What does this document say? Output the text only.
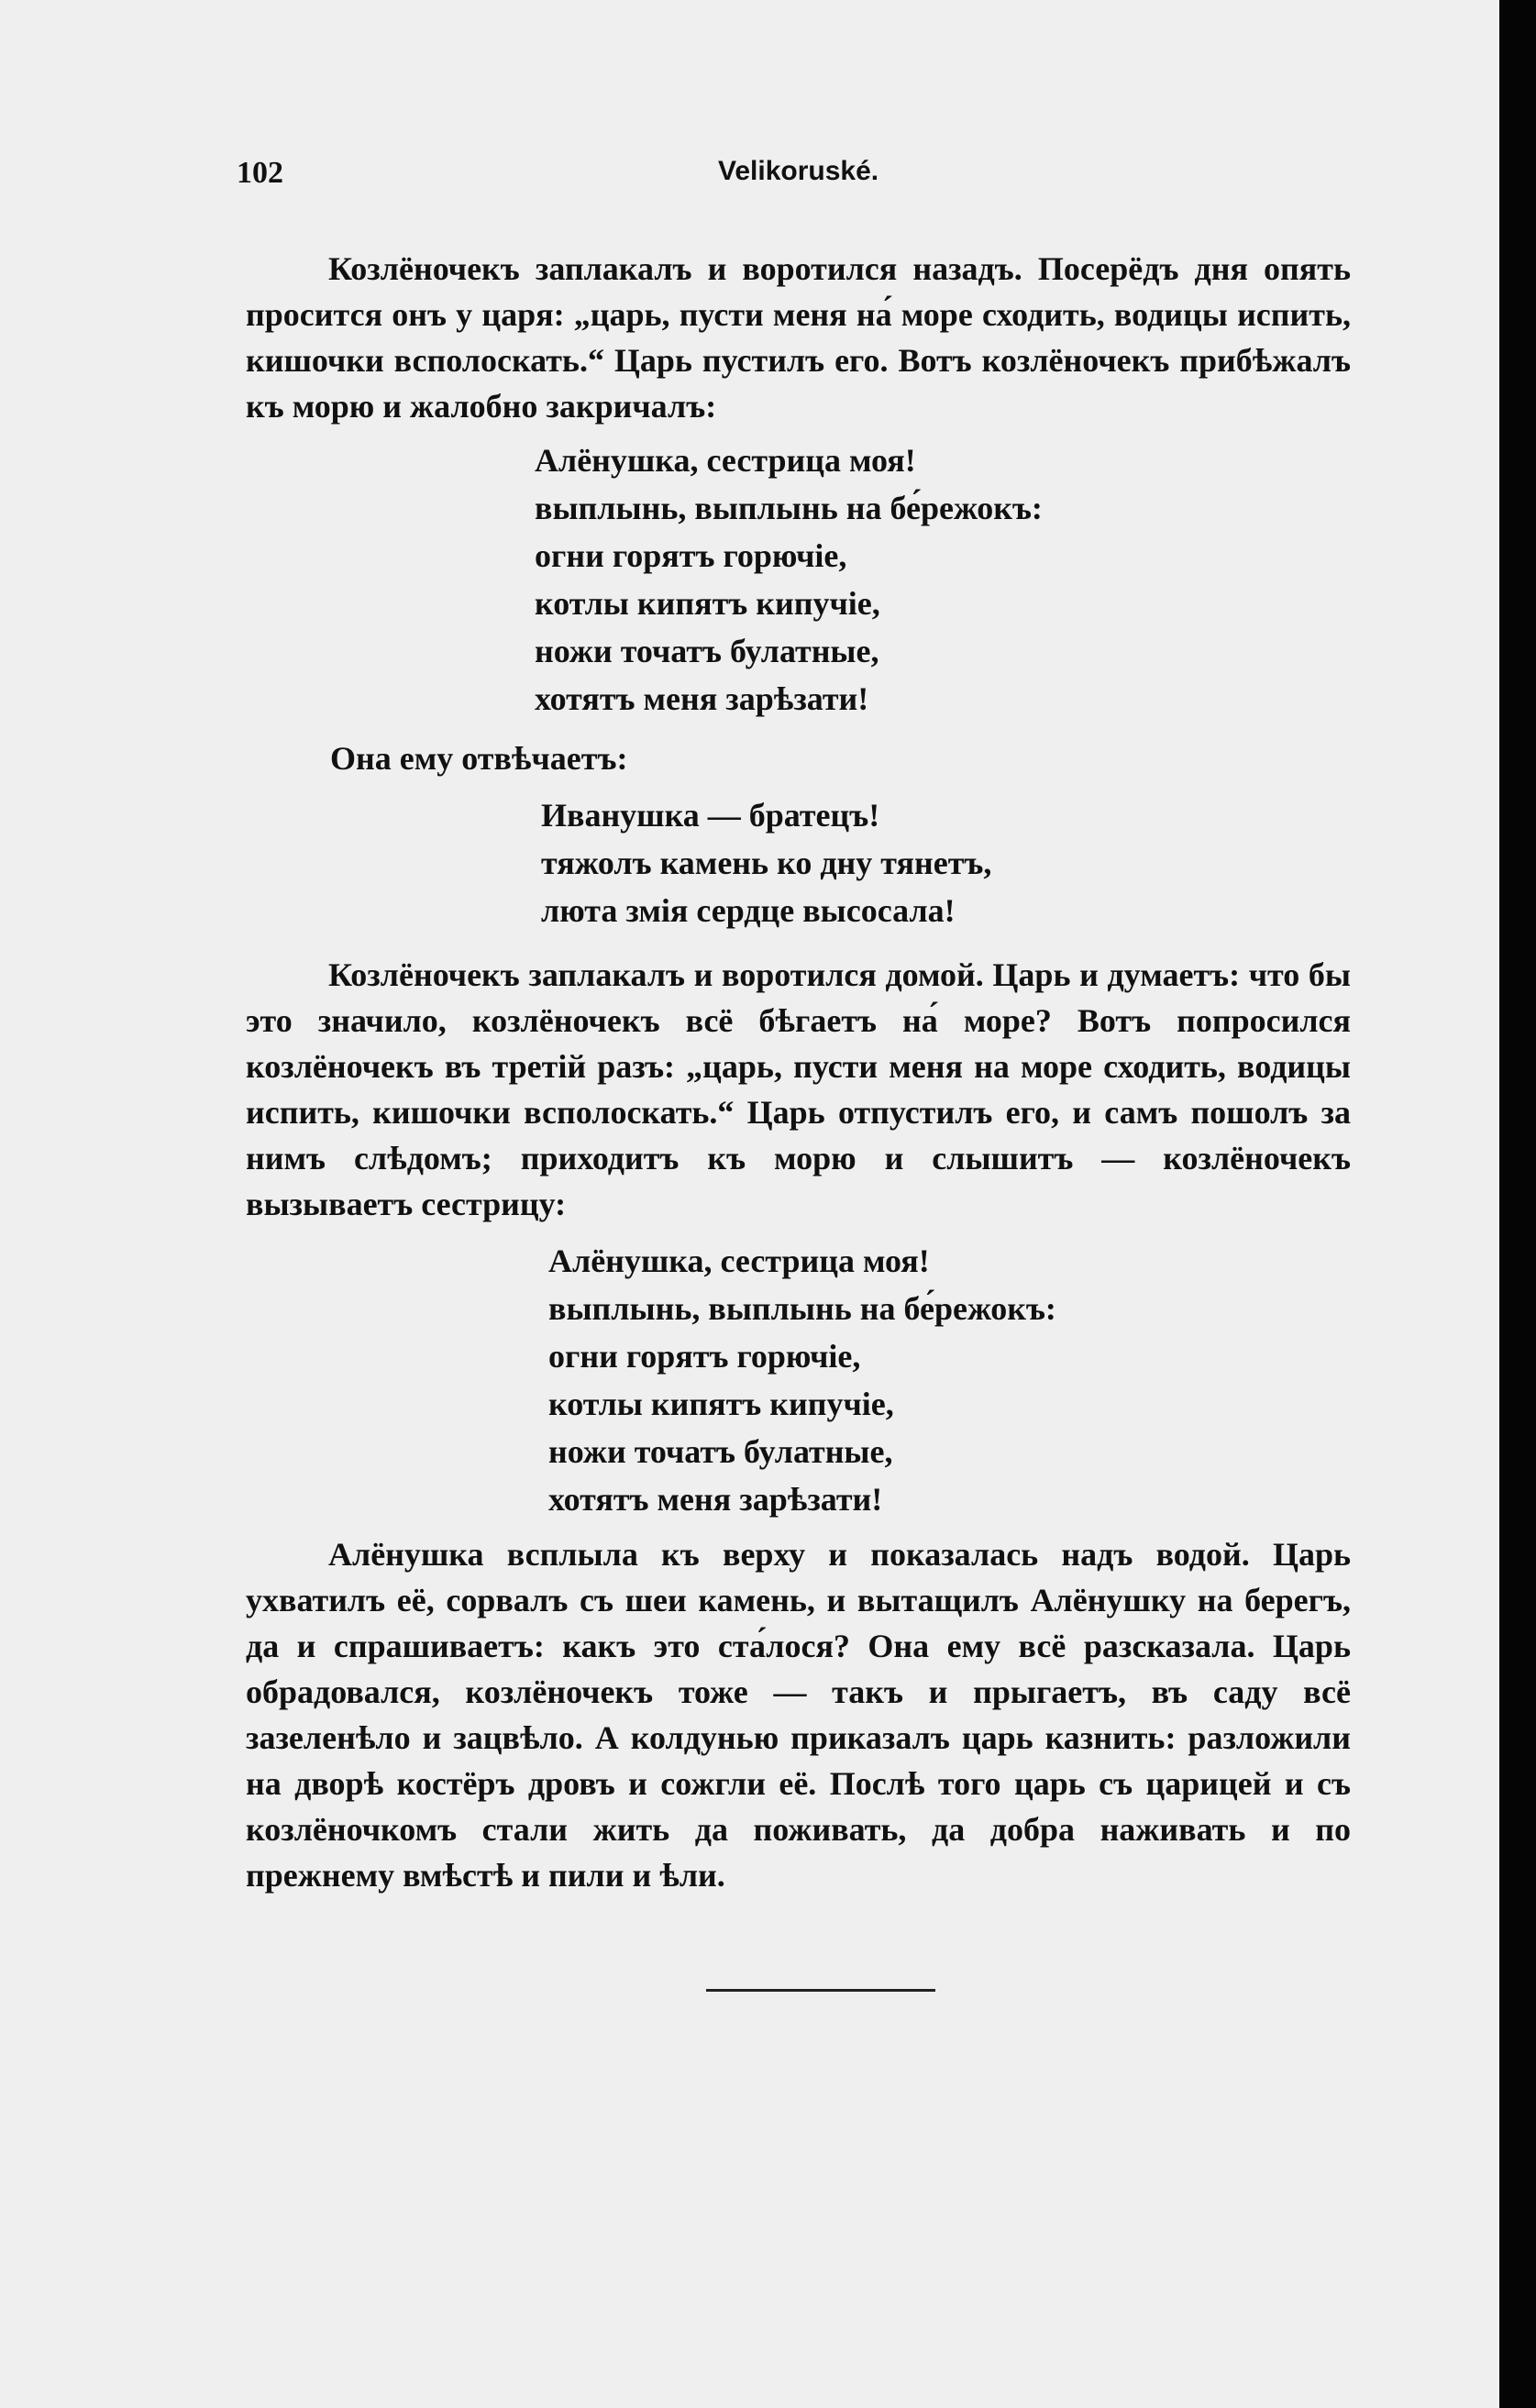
102	Velikoruské.

Козлёночекъ заплакалъ и воротился назадъ. Посерёдъ дня опять просится онъ у царя: „царь, пусти меня на́ море сходить, водицы испить, кишочки всполоскать.“ Царь пустилъ его. Вотъ козлёночекъ прибѣжалъ къ морю и жалобно закричалъ:

Алёнушка, сестрица моя!
выплынь, выплынь на бе́режокъ:
огни горятъ горючіе,
котлы кипятъ кипучіе,
ножи точатъ булатные,
хотятъ меня зарѣзати!
Она ему отвѣчаетъ:
Иванушка — братецъ!
тяжолъ камень ко дну тянетъ,
люта змія сердце высосала!

Козлёночекъ заплакалъ и воротился домой. Царь и думаетъ: что бы это значило, козлёночекъ всё бѣгаетъ на́ море? Вотъ попросился козлёночекъ въ третій разъ: „царь, пусти меня на море сходить, водицы испить, кишочки всполоскать.“ Царь отпустилъ его, и самъ пошолъ за нимъ слѣдомъ; приходитъ къ морю и слышитъ — козлёночекъ вызываетъ сестрицу:

Алёнушка, сестрица моя!
выплынь, выплынь на бе́режокъ:
огни горятъ горючіе,
котлы кипятъ кипучіе,
ножи точатъ булатные,
хотятъ меня зарѣзати!

Алёнушка всплыла къ верху и показалась надъ водой. Царь ухватилъ её, сорвалъ съ шеи камень, и вытащилъ Алёнушку на берегъ, да и спрашиваетъ: какъ это ста́лося? Она ему всё разсказала. Царь обрадовался, козлёночекъ тоже — такъ и прыгаетъ, въ саду всё зазеленѣло и зацвѣло. А колдунью приказалъ царь казнить: разложили на дворѣ костёръ дровъ и сожгли её. Послѣ того царь съ царицей и съ козлёночкомъ стали жить да поживать, да добра наживать и по прежнему вмѣстѣ и пили и ѣли.
